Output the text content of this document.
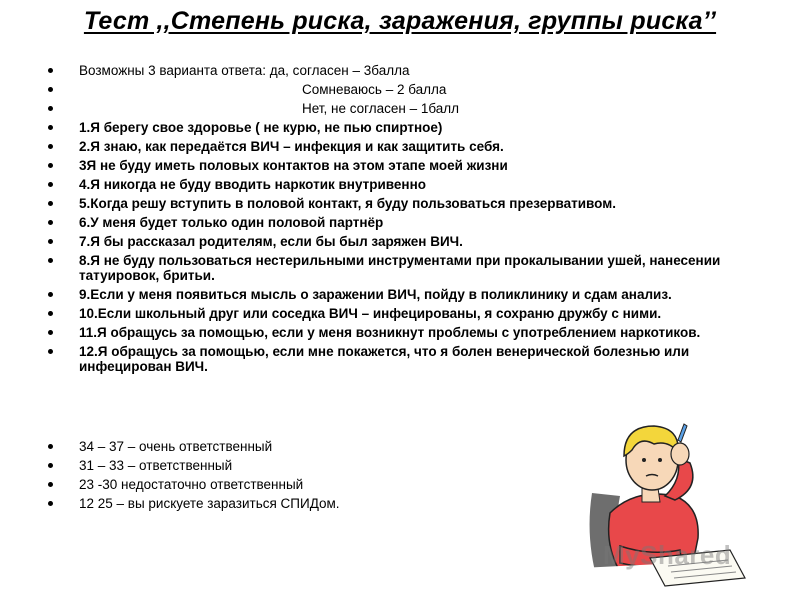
Тест ,,Степень риска, заражения, группы риска’’
Возможны 3 варианта ответа: да, согласен – 3балла
Сомневаюсь – 2 балла
Нет, не согласен – 1балл
1.Я берегу свое здоровье ( не курю, не пью спиртное)
2.Я знаю, как передаётся ВИЧ – инфекция и как защитить себя.
3Я не буду иметь половых контактов на этом этапе моей жизни
4.Я никогда не буду вводить наркотик внутривенно
5.Когда решу вступить в половой контакт, я буду пользоваться презервативом.
6.У меня будет только один половой партнёр
7.Я бы рассказал родителям, если бы был заряжен ВИЧ.
8.Я не буду пользоваться нестерильными инструментами при прокалывании ушей, нанесении татуировок, бритьи.
9.Если у меня появиться мысль о заражении ВИЧ, пойду в поликлинику и сдам анализ.
10.Если школьный друг или соседка ВИЧ – инфецированы, я сохраню дружбу с ними.
11.Я обращусь за помощью, если у меня возникнут проблемы с употреблением наркотиков.
12.Я обращусь за помощью, если мне покажется, что я болен венерической болезнью или инфецирован ВИЧ.
34 – 37 – очень ответственный
31 – 33 – ответственный
23 -30 недостаточно ответственный
12 25 – вы рискуете заразиться СПИДом.
MyShared
